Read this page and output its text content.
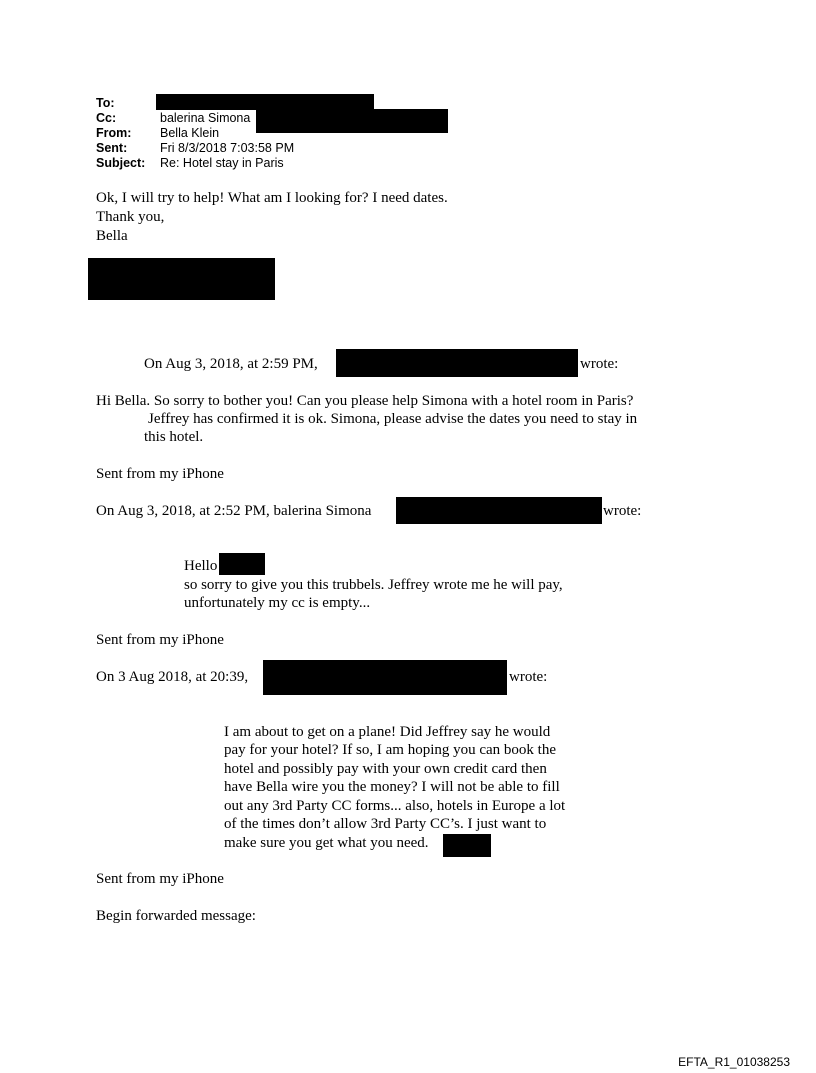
To:
Cc:	balerina Simona
From: Bella Klein
Sent:	Fri 8/3/2018 7:03:58 PM
Subject: Re: Hotel stay in Paris
Ok, I will try to help! What am I looking for? I need dates.
Thank you,
Bella
On Aug 3, 2018, at 2:59 PM,	wrote:
Hi Bella. So sorry to bother you! Can you please help Simona with a hotel room in Paris?
Jeffrey has confirmed it is ok. Simona, please advise the dates you need to stay in
this hotel.
Sent from my iPhone
On Aug 3, 2018, at 2:52 PM, balerina Simona	wrote:
Hello
so sorry to give you this trubbels. Jeffrey wrote me he will pay,
unfortunately my cc is empty...
Sent from my iPhone
On 3 Aug 2018, at 20:39,	wrote:
I am about to get on a plane! Did Jeffrey say he would
pay for your hotel? If so, I am hoping you can book the
hotel and possibly pay with your own credit card then
have Bella wire you the money? I will not be able to fill
out any 3rd Party CC forms... also, hotels in Europe a lot
of the times don’t allow 3rd Party CC’s. I just want to
make sure you get what you need.
Sent from my iPhone
Begin forwarded message:
EFTA_R1_01038253
